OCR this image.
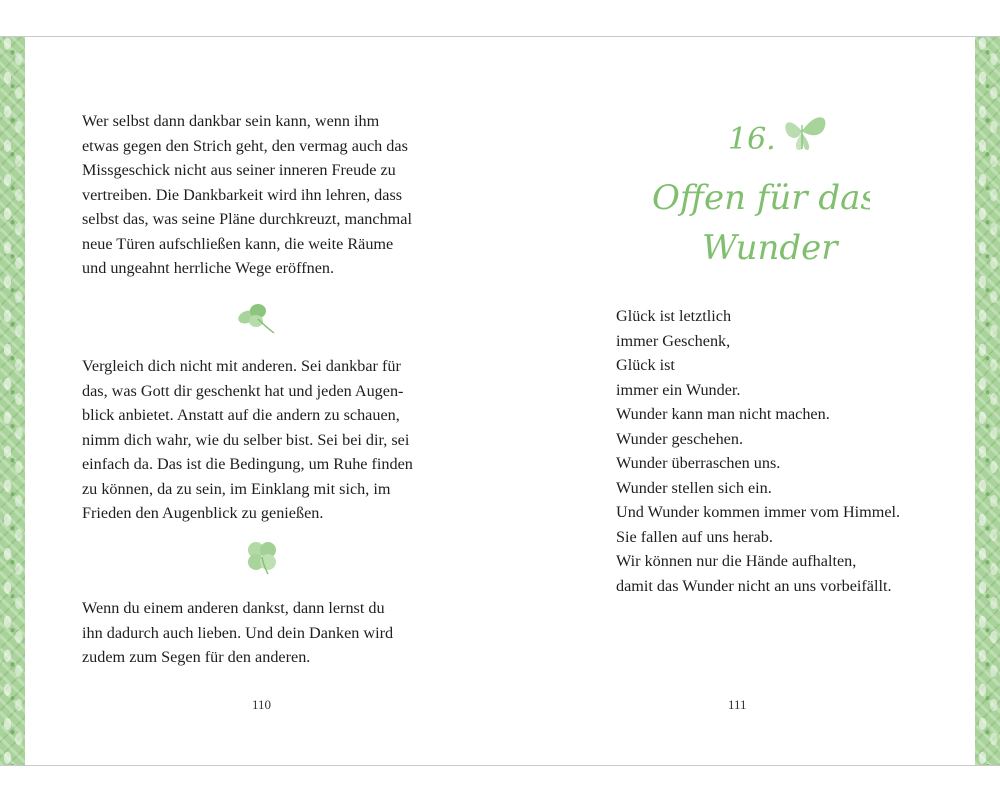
Wer selbst dann dankbar sein kann, wenn ihm
etwas gegen den Strich geht, den vermag auch das
Missgeschick nicht aus seiner inneren Freude zu
vertreiben. Die Dankbarkeit wird ihn lehren, dass
selbst das, was seine Pläne durchkreuzt, manchmal
neue Türen aufschließen kann, die weite Räume
und ungeahnt herrliche Wege eröffnen.

Vergleich dich nicht mit anderen. Sei dankbar für
das, was Gott dir geschenkt hat und jeden Augen-
blick anbietet. Anstatt auf die andern zu schauen,
nimm dich wahr, wie du selber bist. Sei bei dir, sei
einfach da. Das ist die Bedingung, um Ruhe finden
zu können, da zu sein, im Einklang mit sich, im
Frieden den Augenblick zu genießen.

Wenn du einem anderen dankst, dann lernst du
ihn dadurch auch lieben. Und dein Danken wird
zudem zum Segen für den anderen.

110
16.
Offen für das
Wunder

Glück ist letztlich
immer Geschenk,
Glück ist
immer ein Wunder.
Wunder kann man nicht machen.
Wunder geschehen.
Wunder überraschen uns.
Wunder stellen sich ein.
Und Wunder kommen immer vom Himmel.
Sie fallen auf uns herab.
Wir können nur die Hände aufhalten,
damit das Wunder nicht an uns vorbeifällt.

111
